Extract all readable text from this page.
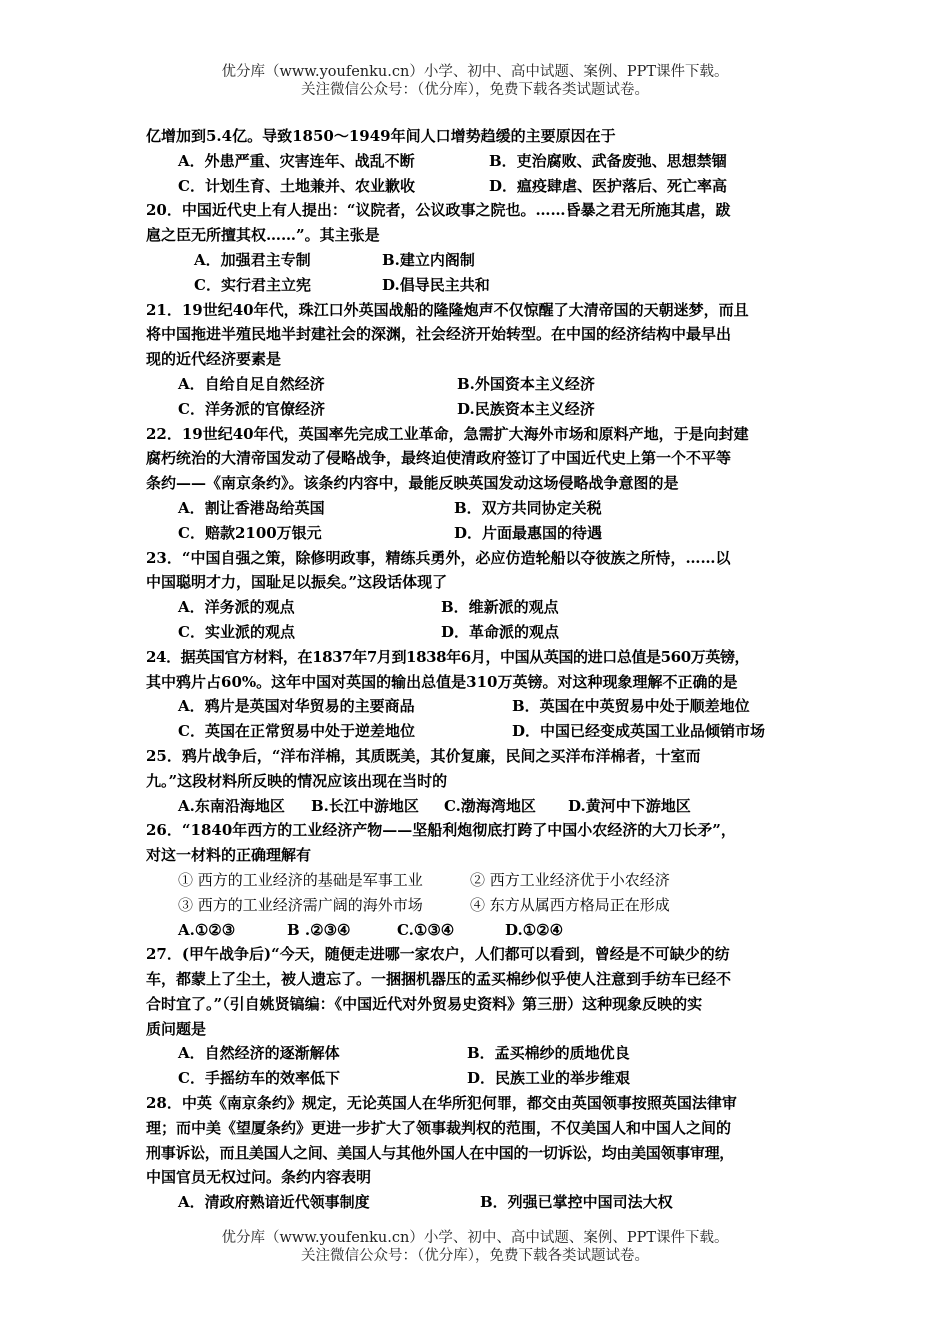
优分库（www.youfenku.cn）小学、初中、高中试题、案例、PPT课件下载。
关注微信公众号：（优分库），免费下载各类试题试卷。
亿增加到5.4亿。导致1850～1949年间人口增势趋缓的主要原因在于
A．外患严重、灾害连年、战乱不断	B．吏治腐败、武备废弛、思想禁锢
C．计划生育、土地兼并、农业歉收	D．瘟疫肆虐、医护落后、死亡率高
20．中国近代史上有人提出：“议院者，公议政事之院也。……昏暴之君无所施其虐，跋
扈之臣无所擅其权……”。其主张是
A．加强君主专制	B.建立内阁制
C．实行君主立宪	D.倡导民主共和
21．19世纪40年代，珠江口外英国战船的隆隆炮声不仅惊醒了大清帝国的天朝迷梦，而且
将中国拖进半殖民地半封建社会的深渊，社会经济开始转型。在中国的经济结构中最早出
现的近代经济要素是
A．自给自足自然经济	B.外国资本主义经济
C．洋务派的官僚经济	D.民族资本主义经济
22．19世纪40年代，英国率先完成工业革命，急需扩大海外市场和原料产地，于是向封建
腐朽统治的大清帝国发动了侵略战争，最终迫使清政府签订了中国近代史上第一个不平等
条约——《南京条约》。该条约内容中，最能反映英国发动这场侵略战争意图的是
A．割让香港岛给英国	B．双方共同协定关税
C．赔款2100万银元	D．片面最惠国的待遇
23．“中国自强之策，除修明政事，精练兵勇外，必应仿造轮船以夺彼族之所恃，……以
中国聪明才力，国耻足以振矣。”这段话体现了
A．洋务派的观点	B．维新派的观点
C．实业派的观点	D．革命派的观点
24．据英国官方材料，在1837年7月到1838年6月，中国从英国的进口总值是560万英镑，
其中鸦片占60%。这年中国对英国的输出总值是310万英镑。对这种现象理解不正确的是
A．鸦片是英国对华贸易的主要商品	B．英国在中英贸易中处于顺差地位
C．英国在正常贸易中处于逆差地位	D．中国已经变成英国工业品倾销市场
25．鸦片战争后，“洋布洋棉，其质既美，其价复廉，民间之买洋布洋棉者，十室而
九。”这段材料所反映的情况应该出现在当时的
A.东南沿海地区	B.长江中游地区	C.渤海湾地区	D.黄河中下游地区
26．“1840年西方的工业经济产物——坚船利炮彻底打跨了中国小农经济的大刀长矛”，
对这一材料的正确理解有
① 西方的工业经济的基础是军事工业	② 西方工业经济优于小农经济
③ 西方的工业经济需广阔的海外市场	④ 东方从属西方格局正在形成
A.①②③	B .②③④	C.①③④	D.①②④
27．(甲午战争后)“今天，随便走进哪一家农户，人们都可以看到，曾经是不可缺少的纺
车，都蒙上了尘土，被人遗忘了。一捆捆机器压的孟买棉纱似乎使人注意到手纺车已经不
合时宜了。”（引自姚贤镐编：《中国近代对外贸易史资料》第三册）这种现象反映的实
质问题是
A．自然经济的逐渐解体	B．孟买棉纱的质地优良
C．手摇纺车的效率低下	D．民族工业的举步维艰
28．中英《南京条约》规定，无论英国人在华所犯何罪，都交由英国领事按照英国法律审
理；而中美《望厦条约》更进一步扩大了领事裁判权的范围，不仅美国人和中国人之间的
刑事诉讼，而且美国人之间、美国人与其他外国人在中国的一切诉讼，均由美国领事审理，
中国官员无权过问。条约内容表明
A．清政府熟谙近代领事制度	B．列强已掌控中国司法大权
优分库（www.youfenku.cn）小学、初中、高中试题、案例、PPT课件下载。
关注微信公众号：（优分库），免费下载各类试题试卷。
